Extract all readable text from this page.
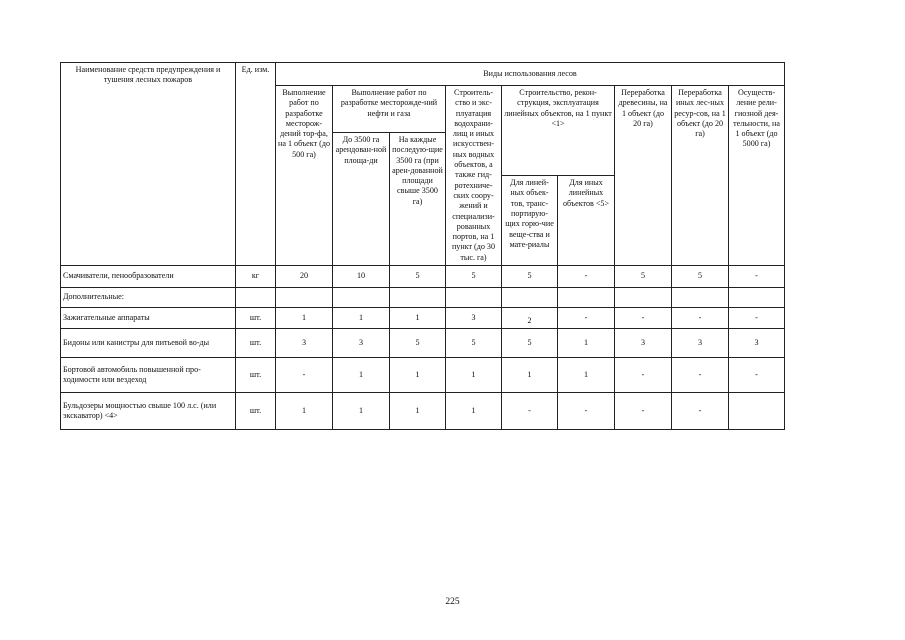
Наименование средств предупреждения и тушения лесных пожаров	Ед. изм.	Виды использования лесов								
		Выполнение работ по разработке месторож-дений тор-фа, на 1 объект (до 500 га)	Выполнение работ по разработке месторожде-ний нефти и газа		Строитель-ство и экс-плуатация водохрани-лищ и иных искусствен-ных водных объектов, а также гид-ротехниче-ских соору-жений и специализи-рованных портов, на 1 пункт (до 30 тыс. га)	Строительство, рекон-струкция, эксплуатация линейных объектов, на 1 пункт <1>		Переработка древесины, на 1 объект (до 20 га)	Переработка иных лес-ных ресур-сов, на 1 объект (до 20 га)	Осуществ-ление рели-гиозной дея-тельности, на 1 объект (до 5000 га)
			До 3500 га арендован-ной площа-ди	На каждые последую-щие 3500 га (при арен-дованной площади свыше 3500 га)						
						Для линей-ных объек-тов, транс-портирую-щих горю-чие веще-ства и мате-риалы	Для иных линейных объектов <5>			
Смачиватели, пенообразователи	кг	20	10	5	5	5	-	5	5	-
Дополнительные:										
Зажигательные аппараты	шт.	1	1	1	3	2	-	-	-	-
Бидоны или канистры для питьевой во-ды	шт.	3	3	5	5	5	1	3	3	3
Бортовой автомобиль повышенной про-ходимости или вездеход	шт.	-	1	1	1	1	1	-	-	-
Бульдозеры мощностью свыше 100 л.с. (или экскаватор) <4>	шт.	1	1	1	1	-	-	-	-	
225
